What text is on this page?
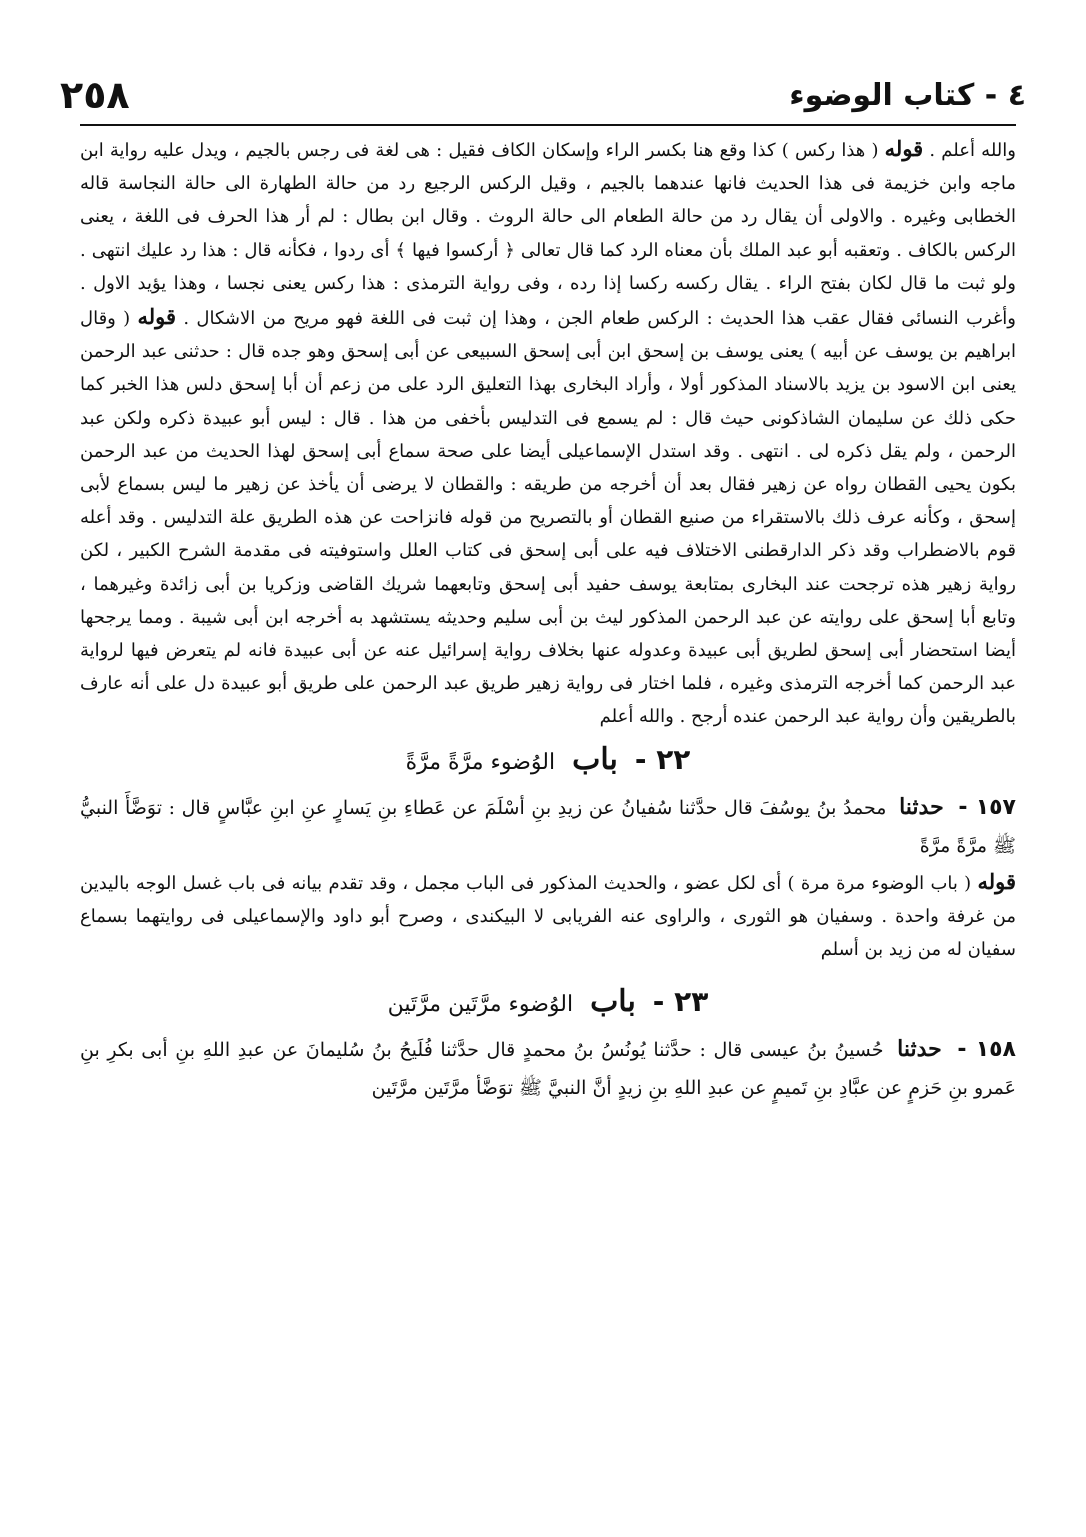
٢٥٨	٤ - كتاب الوضوء

والله أعلم . قوله ( هذا ركس ) كذا وقع هنا بكسر الراء وإسكان الكاف فقيل : هى لغة فى رجس بالجيم ، ويدل عليه رواية ابن ماجه وابن خزيمة فى هذا الحديث فانها عندهما بالجيم ، وقيل الركس الرجيع رد من حالة الطهارة الى حالة النجاسة قاله الخطابى وغيره . والاولى أن يقال رد من حالة الطعام الى حالة الروث . وقال ابن بطال : لم أر هذا الحرف فى اللغة ، يعنى الركس بالكاف . وتعقبه أبو عبد الملك بأن معناه الرد كما قال تعالى ﴿ أركسوا فيها ﴾ أى ردوا ، فكأنه قال : هذا رد عليك انتهى . ولو ثبت ما قال لكان بفتح الراء . يقال ركسه ركسا إذا رده ، وفى رواية الترمذى : هذا ركس يعنى نجسا ، وهذا يؤيد الاول . وأغرب النسائى فقال عقب هذا الحديث : الركس طعام الجن ، وهذا إن ثبت فى اللغة فهو مريح من الاشكال . قوله ( وقال ابراهيم بن يوسف عن أبيه ) يعنى يوسف بن إسحق ابن أبى إسحق السبيعى عن أبى إسحق وهو جده قال : حدثنى عبد الرحمن يعنى ابن الاسود بن يزيد بالاسناد المذكور أولا ، وأراد البخارى بهذا التعليق الرد على من زعم أن أبا إسحق دلس هذا الخبر كما حكى ذلك عن سليمان الشاذكونى حيث قال : لم يسمع فى التدليس بأخفى من هذا . قال : ليس أبو عبيدة ذكره ولكن عبد الرحمن ، ولم يقل ذكره لى . انتهى . وقد استدل الإسماعيلى أيضا على صحة سماع أبى إسحق لهذا الحديث من عبد الرحمن بكون يحيى القطان رواه عن زهير فقال بعد أن أخرجه من طريقه : والقطان لا يرضى أن يأخذ عن زهير ما ليس بسماع لأبى إسحق ، وكأنه عرف ذلك بالاستقراء من صنيع القطان أو بالتصريح من قوله فانزاحت عن هذه الطريق علة التدليس . وقد أعله قوم بالاضطراب وقد ذكر الدارقطنى الاختلاف فيه على أبى إسحق فى كتاب العلل واستوفيته فى مقدمة الشرح الكبير ، لكن رواية زهير هذه ترجحت عند البخارى بمتابعة يوسف حفيد أبى إسحق وتابعهما شريك القاضى وزكريا بن أبى زائدة وغيرهما ، وتابع أبا إسحق على روايته عن عبد الرحمن المذكور ليث بن أبى سليم وحديثه يستشهد به أخرجه ابن أبى شيبة . ومما يرجحها أيضا استحضار أبى إسحق لطريق أبى عبيدة وعدوله عنها بخلاف رواية إسرائيل عنه عن أبى عبيدة فانه لم يتعرض فيها لرواية عبد الرحمن كما أخرجه الترمذى وغيره ، فلما اختار فى رواية زهير طريق عبد الرحمن على طريق أبو عبيدة دل على أنه عارف بالطريقين وأن رواية عبد الرحمن عنده أرجح . والله أعلم

٢٢ - باب الوُضوء مرَّةً مرَّةً

١٥٧ - حدثنا محمدُ بنُ يوسُفَ قال حدَّثنا سُفيانُ عن زيدِ بنِ أسْلَمَ عن عَطاءِ بنِ يَسارٍ عنِ ابنِ عبَّاسٍ قال : توَضَّأَ النبيُّ ﷺ مرَّةً مرَّةً

قوله ( باب الوضوء مرة مرة ) أى لكل عضو ، والحديث المذكور فى الباب مجمل ، وقد تقدم بيانه فى باب غسل الوجه باليدين من غرفة واحدة . وسفيان هو الثورى ، والراوى عنه الفريابى لا البيكندى ، وصرح أبو داود والإسماعيلى فى روايتهما بسماع سفيان له من زيد بن أسلم

٢٣ - باب الوُضوء مرَّتَين مرَّتَين

١٥٨ - حدثنا حُسينُ بنُ عيسى قال : حدَّثنا يُونُسُ بنُ محمدٍ قال حدَّثنا فُلَيحُ بنُ سُليمانَ عن عبدِ اللهِ بنِ أبى بكرِ بنِ عَمرو بنِ حَزمٍ عن عبَّادِ بنِ تَميمٍ عن عبدِ اللهِ بنِ زيدٍ أنَّ النبيَّ ﷺ توَضَّأ مرَّتَين مرَّتَين
